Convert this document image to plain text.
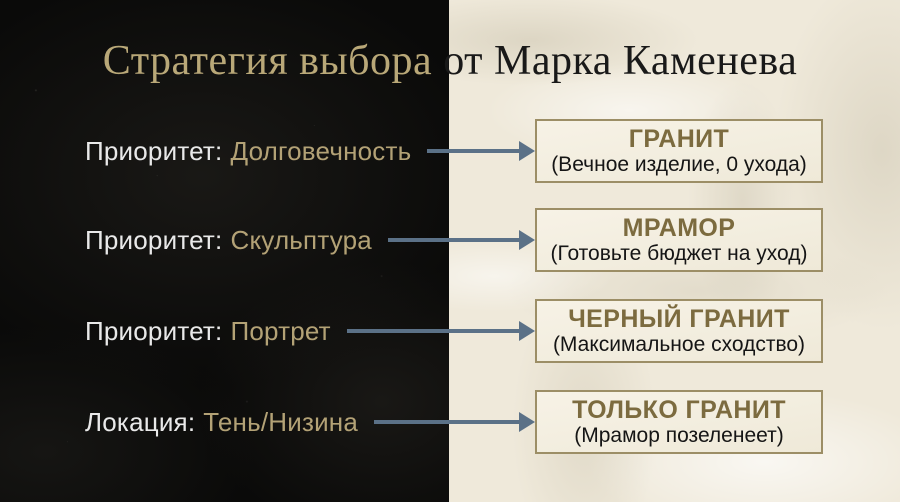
Стратегия выбора от Марка Каменева
Приоритет: Долговечность	ГРАНИТ
(Вечное изделие, 0 ухода)
Приоритет: Скульптура	МРАМОР
(Готовьте бюджет на уход)
Приоритет: Портрет	ЧЕРНЫЙ ГРАНИТ
(Максимальное сходство)
Локация: Тень/Низина	ТОЛЬКО ГРАНИТ
(Мрамор позеленеет)
